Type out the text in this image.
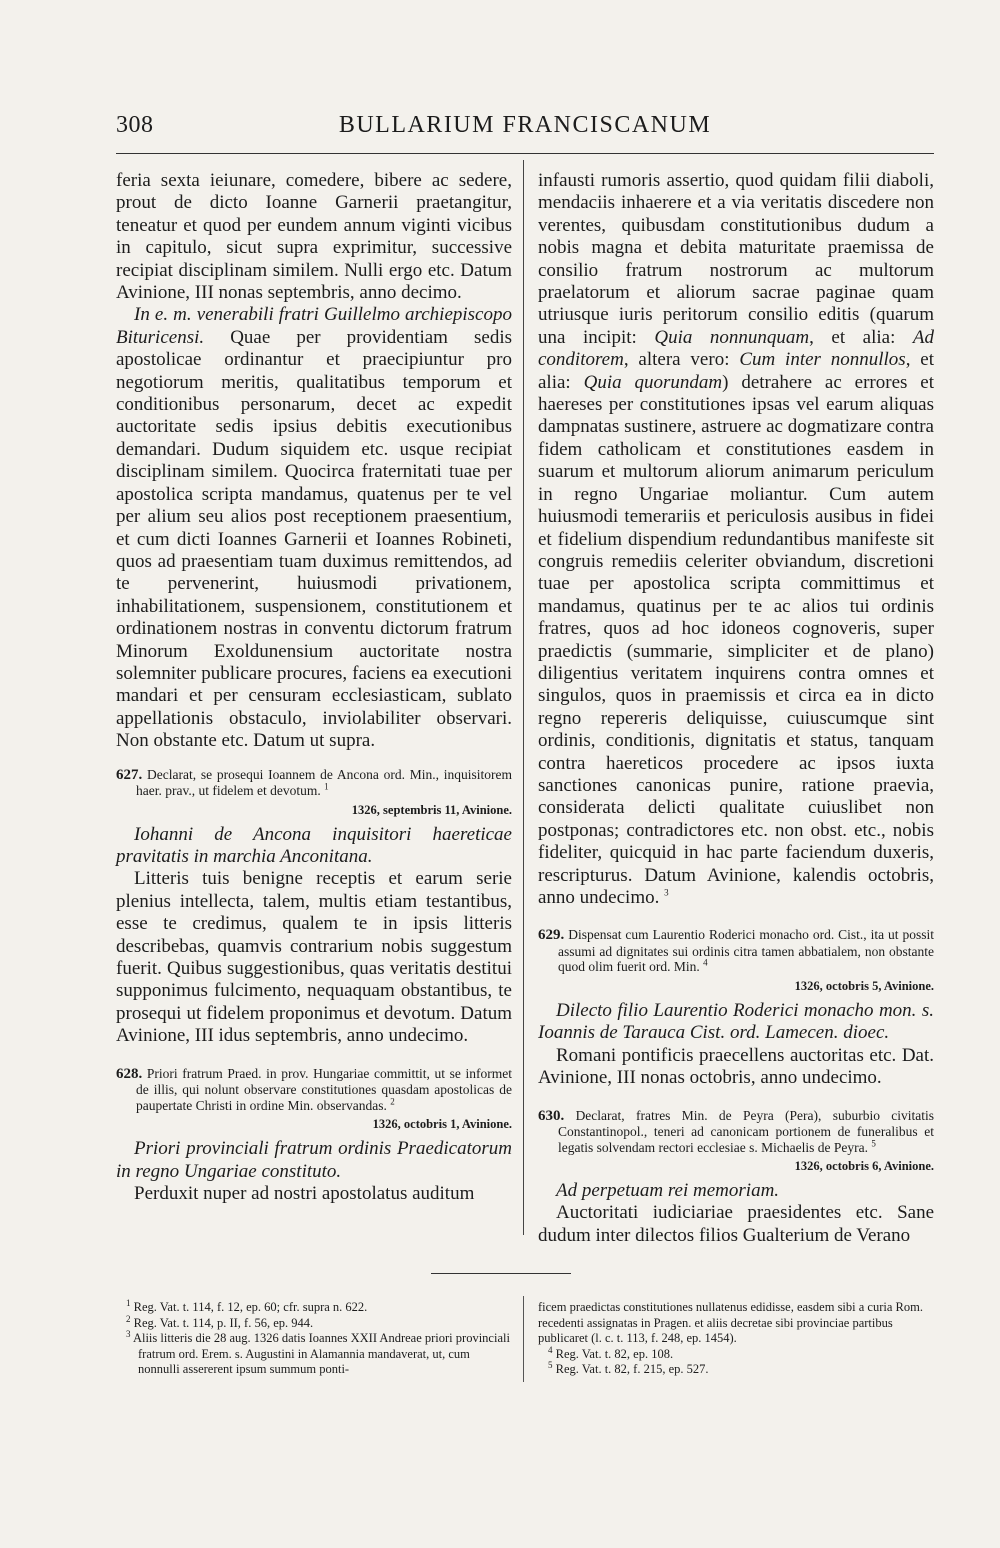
308	BULLARIUM FRANCISCANUM

feria sexta ieiunare, comedere, bibere ac sedere, prout de dicto Ioanne Garnerii praetangitur, teneatur et quod per eundem annum viginti vicibus in capitulo, sicut supra exprimitur, successive recipiat disciplinam similem. Nulli ergo etc. Datum Avinione, III nonas septembris, anno decimo.

In e. m. venerabili fratri Guillelmo archiepiscopo Bituricensi. Quae per providentiam sedis apostolicae ordinantur et praecipiuntur pro negotiorum meritis, qualitatibus temporum et conditionibus personarum, decet ac expedit auctoritate sedis ipsius debitis executionibus demandari. Dudum siquidem etc. usque recipiat disciplinam similem. Quocirca fraternitati tuae per apostolica scripta mandamus, quatenus per te vel per alium seu alios post receptionem praesentium, et cum dicti Ioannes Garnerii et Ioannes Robineti, quos ad praesentiam tuam duximus remittendos, ad te pervenerint, huiusmodi privationem, inhabilitationem, suspensionem, constitutionem et ordinationem nostras in conventu dictorum fratrum Minorum Exoldunensium auctoritate nostra solemniter publicare procures, faciens ea executioni mandari et per censuram ecclesiasticam, sublato appellationis obstaculo, inviolabiliter observari. Non obstante etc. Datum ut supra.

627. Declarat, se prosequi Ioannem de Ancona ord. Min., inquisitorem haer. prav., ut fidelem et devotum. $^1$

1326, septembris 11, Avinione.

Iohanni de Ancona inquisitori haereticae pravitatis in marchia Anconitana.

Litteris tuis benigne receptis et earum serie plenius intellecta, talem, multis etiam testantibus, esse te credimus, qualem te in ipsis litteris describebas, quamvis contrarium nobis suggestum fuerit. Quibus suggestionibus, quas veritatis destitui supponimus fulcimento, nequaquam obstantibus, te prosequi ut fidelem proponimus et devotum. Datum Avinione, III idus septembris, anno undecimo.

628. Priori fratrum Praed. in prov. Hungariae committit, ut se informet de illis, qui nolunt observare constitutiones quasdam apostolicas de paupertate Christi in ordine Min. observandas. $^2$

1326, octobris 1, Avinione.

Priori provinciali fratrum ordinis Praedicatorum in regno Ungariae constituto.

Perduxit nuper ad nostri apostolatus auditum

infausti rumoris assertio, quod quidam filii diaboli, mendaciis inhaerere et a via veritatis discedere non verentes, quibusdam constitutionibus dudum a nobis magna et debita maturitate praemissa de consilio fratrum nostrorum ac multorum praelatorum et aliorum sacrae paginae quam utriusque iuris peritorum consilio editis (quarum una incipit: Quia nonnunquam, et alia: Ad conditorem, altera vero: Cum inter nonnullos, et alia: Quia quorundam) detrahere ac errores et haereses per constitutiones ipsas vel earum aliquas dampnatas sustinere, astruere ac dogmatizare contra fidem catholicam et constitutiones easdem in suarum et multorum aliorum animarum periculum in regno Ungariae moliantur. Cum autem huiusmodi temerariis et periculosis ausibus in fidei et fidelium dispendium redundantibus manifeste sit congruis remediis celeriter obviandum, discretioni tuae per apostolica scripta committimus et mandamus, quatinus per te ac alios tui ordinis fratres, quos ad hoc idoneos cognoveris, super praedictis (summarie, simpliciter et de plano) diligentius veritatem inquirens contra omnes et singulos, quos in praemissis et circa ea in dicto regno repereris deliquisse, cuiuscumque sint ordinis, conditionis, dignitatis et status, tanquam contra haereticos procedere ac ipsos iuxta sanctiones canonicas punire, ratione praevia, considerata delicti qualitate cuiuslibet non postponas; contradictores etc. non obst. etc., nobis fideliter, quicquid in hac parte faciendum duxeris, rescripturus. Datum Avinione, kalendis octobris, anno undecimo. $^3$

629. Dispensat cum Laurentio Roderici monacho ord. Cist., ita ut possit assumi ad dignitates sui ordinis citra tamen abbatialem, non obstante quod olim fuerit ord. Min. $^4$

1326, octobris 5, Avinione.

Dilecto filio Laurentio Roderici monacho mon. s. Ioannis de Tarauca Cist. ord. Lamecen. dioec.

Romani pontificis praecellens auctoritas etc. Dat. Avinione, III nonas octobris, anno undecimo.

630. Declarat, fratres Min. de Peyra (Pera), suburbio civitatis Constantinopol., teneri ad canonicam portionem de funeralibus et legatis solvendam rectori ecclesiae s. Michaelis de Peyra. $^5$

1326, octobris 6, Avinione.

Ad perpetuam rei memoriam.

Auctoritati iudiciariae praesidentes etc. Sane dudum inter dilectos filios Gualterium de Verano

$^1$ Reg. Vat. t. 114, f. 12, ep. 60; cfr. supra n. 622.

$^2$ Reg. Vat. t. 114, p. II, f. 56, ep. 944.

$^3$ Aliis litteris die 28 aug. 1326 datis Ioannes XXII Andreae priori provinciali fratrum ord. Erem. s. Augustini in Alamannia mandaverat, ut, cum nonnulli assererent ipsum summum ponti-

ficem praedictas constitutiones nullatenus edidisse, easdem sibi a curia Rom. recedenti assignatas in Pragen. et aliis decretae sibi provinciae partibus publicaret (l. c. t. 113, f. 248, ep. 1454).

$^4$ Reg. Vat. t. 82, ep. 108.

$^5$ Reg. Vat. t. 82, f. 215, ep. 527.
